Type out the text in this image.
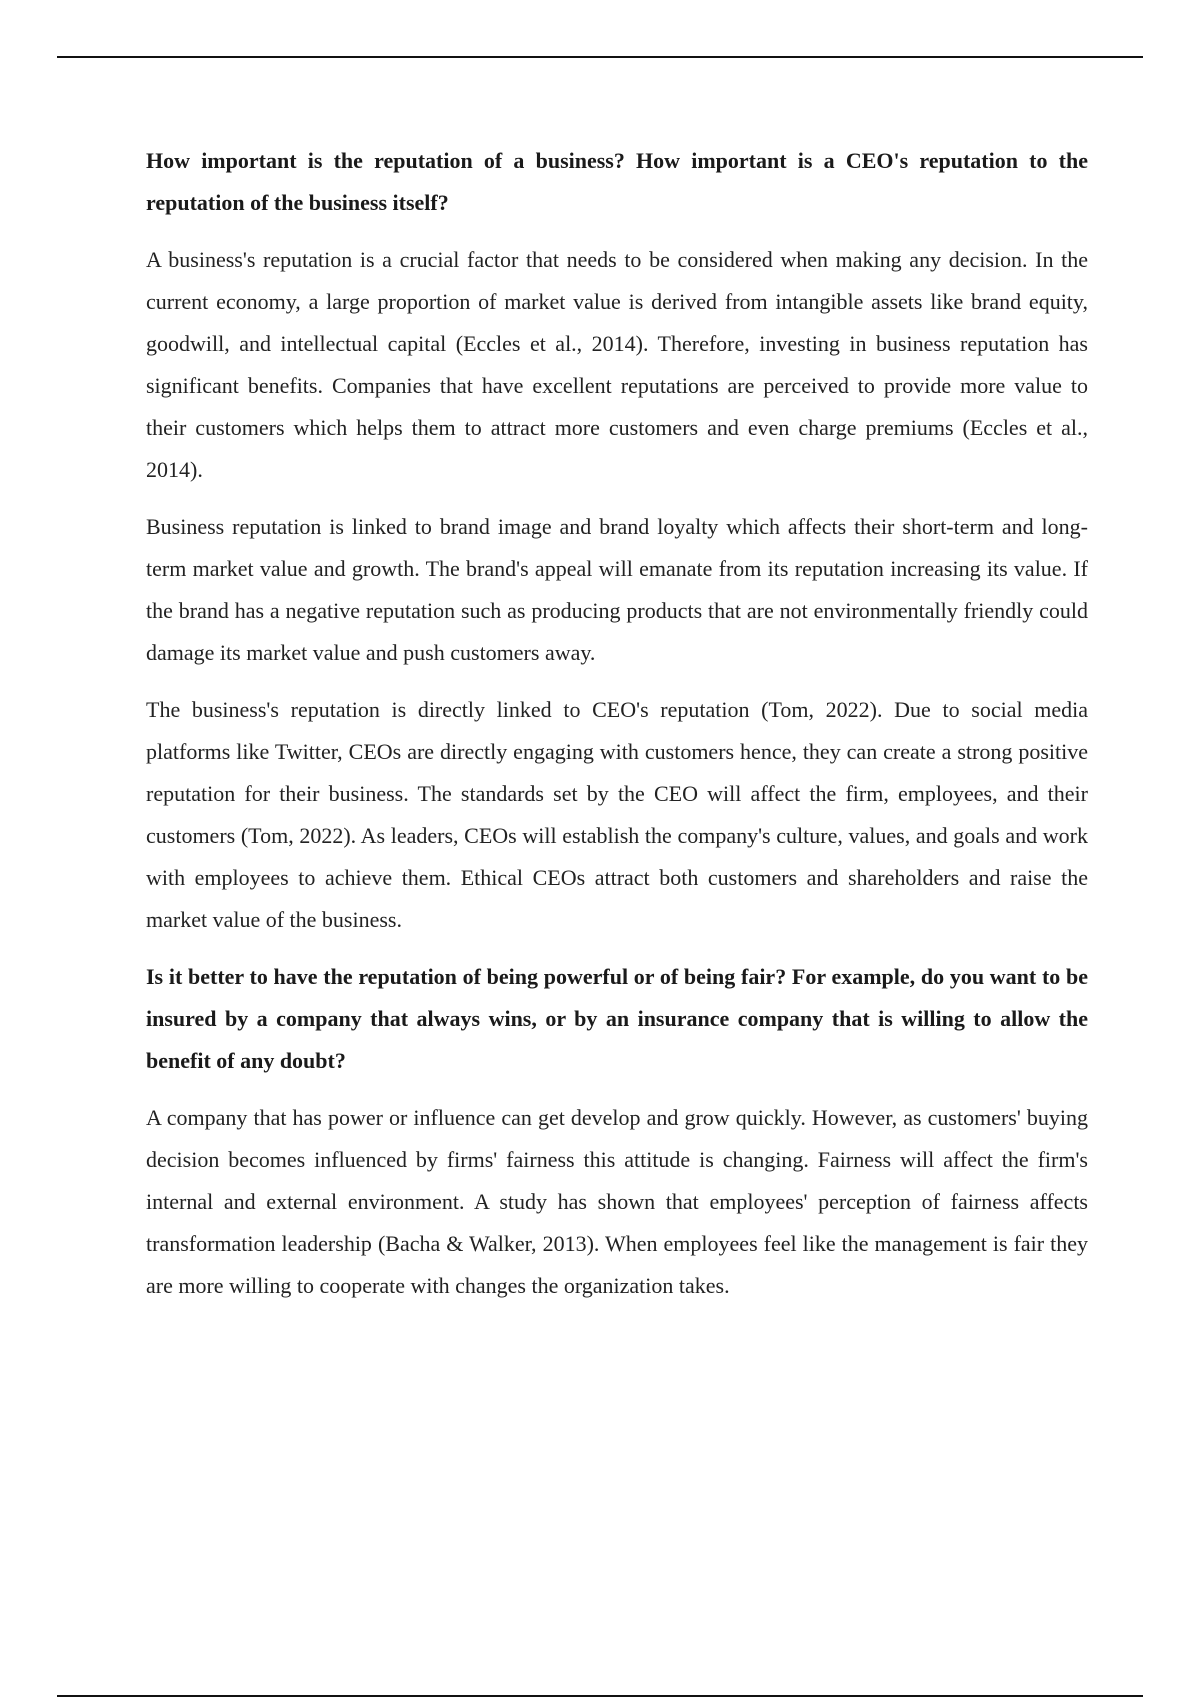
How important is the reputation of a business? How important is a CEO's reputation to the reputation of the business itself?

A business's reputation is a crucial factor that needs to be considered when making any decision. In the current economy, a large proportion of market value is derived from intangible assets like brand equity, goodwill, and intellectual capital (Eccles et al., 2014). Therefore, investing in business reputation has significant benefits. Companies that have excellent reputations are perceived to provide more value to their customers which helps them to attract more customers and even charge premiums (Eccles et al., 2014).

Business reputation is linked to brand image and brand loyalty which affects their short-term and long-term market value and growth. The brand's appeal will emanate from its reputation increasing its value. If the brand has a negative reputation such as producing products that are not environmentally friendly could damage its market value and push customers away.

The business's reputation is directly linked to CEO's reputation (Tom, 2022). Due to social media platforms like Twitter, CEOs are directly engaging with customers hence, they can create a strong positive reputation for their business. The standards set by the CEO will affect the firm, employees, and their customers (Tom, 2022). As leaders, CEOs will establish the company's culture, values, and goals and work with employees to achieve them. Ethical CEOs attract both customers and shareholders and raise the market value of the business.

Is it better to have the reputation of being powerful or of being fair? For example, do you want to be insured by a company that always wins, or by an insurance company that is willing to allow the benefit of any doubt?

A company that has power or influence can get develop and grow quickly. However, as customers' buying decision becomes influenced by firms' fairness this attitude is changing. Fairness will affect the firm's internal and external environment. A study has shown that employees' perception of fairness affects transformation leadership (Bacha & Walker, 2013). When employees feel like the management is fair they are more willing to cooperate with changes the organization takes.
